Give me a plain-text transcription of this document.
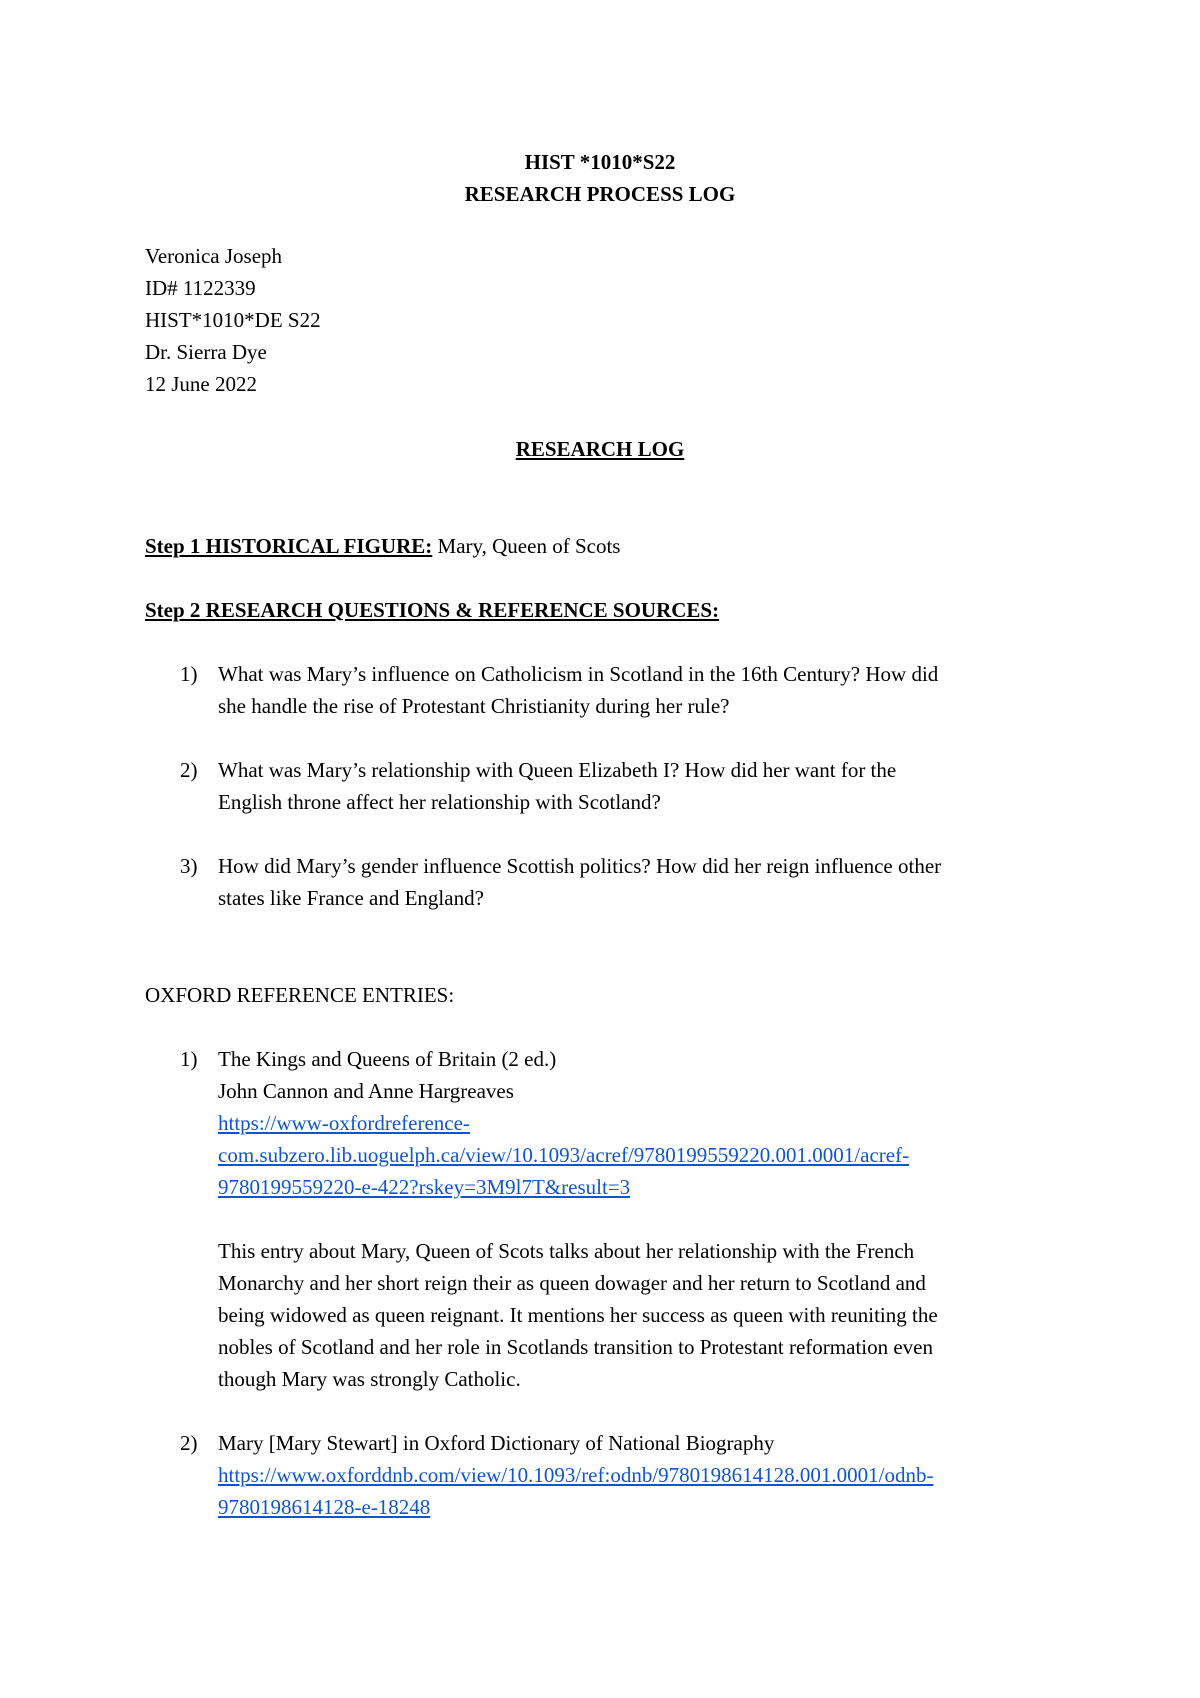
HIST *1010*S22
RESEARCH PROCESS LOG
Veronica Joseph
ID# 1122339
HIST*1010*DE S22
Dr. Sierra Dye
12 June 2022
RESEARCH LOG
Step 1 HISTORICAL FIGURE: Mary, Queen of Scots
Step 2 RESEARCH QUESTIONS & REFERENCE SOURCES:
1) What was Mary’s influence on Catholicism in Scotland in the 16th Century? How did
she handle the rise of Protestant Christianity during her rule?
2) What was Mary’s relationship with Queen Elizabeth I? How did her want for the
English throne affect her relationship with Scotland?
3) How did Mary’s gender influence Scottish politics? How did her reign influence other
states like France and England?
OXFORD REFERENCE ENTRIES:
1) The Kings and Queens of Britain (2 ed.)
John Cannon and Anne Hargreaves
https://www-oxfordreference-
com.subzero.lib.uoguelph.ca/view/10.1093/acref/9780199559220.001.0001/acref-
9780199559220-e-422?rskey=3M9l7T&result=3
This entry about Mary, Queen of Scots talks about her relationship with the French
Monarchy and her short reign their as queen dowager and her return to Scotland and
being widowed as queen reignant. It mentions her success as queen with reuniting the
nobles of Scotland and her role in Scotlands transition to Protestant reformation even
though Mary was strongly Catholic.
2) Mary [Mary Stewart] in Oxford Dictionary of National Biography
https://www.oxforddnb.com/view/10.1093/ref:odnb/9780198614128.001.0001/odnb-
9780198614128-e-18248
